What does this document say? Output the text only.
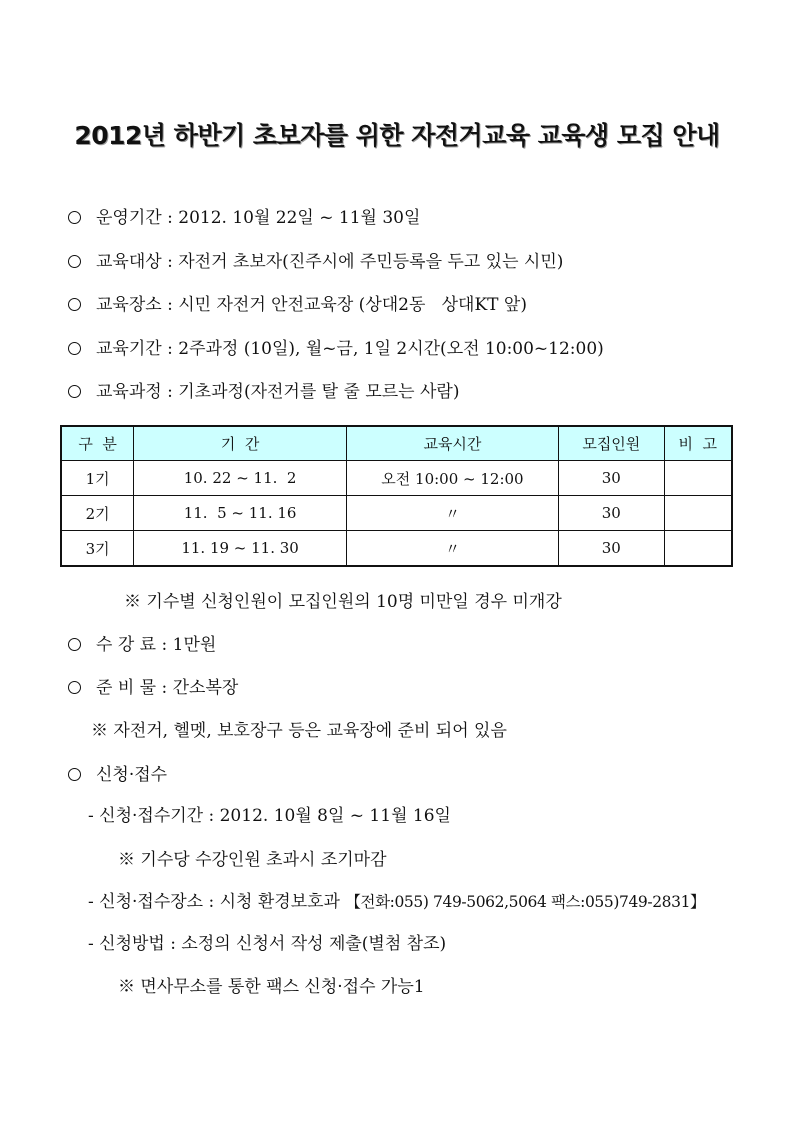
2012년 하반기 초보자를 위한 자전거교육 교육생 모집 안내
운영기간 : 2012. 10월 22일 ~ 11월 30일
교육대상 : 자전거 초보자(진주시에 주민등록을 두고 있는 시민)
교육장소 : 시민 자전거 안전교육장 (상대2동   상대KT 앞)
교육기간 : 2주과정 (10일), 월~금, 1일 2시간(오전 10:00~12:00)
교육과정 : 기초과정(자전거를 탈 줄 모르는 사람)
구  분	기  간	교육시간	모집인원	비  고
1기	10. 22 ~ 11.  2	오전 10:00 ~ 12:00	30	
2기	11.  5 ~ 11. 16	〃	30	
3기	11. 19 ~ 11. 30	〃	30	
※ 기수별 신청인원이 모집인원의 10명 미만일 경우 미개강
수 강 료 : 1만원
준 비 물 : 간소복장
※ 자전거, 헬멧, 보호장구 등은 교육장에 준비 되어 있음
신청·접수
- 신청·접수기간 : 2012. 10월 8일 ~ 11월 16일
※ 기수당 수강인원 초과시 조기마감
- 신청·접수장소 : 시청 환경보호과 【전화:055) 749-5062,5064 팩스:055)749-2831】
- 신청방법 : 소정의 신청서 작성 제출(별첨 참조)
※ 면사무소를 통한 팩스 신청·접수 가능1
